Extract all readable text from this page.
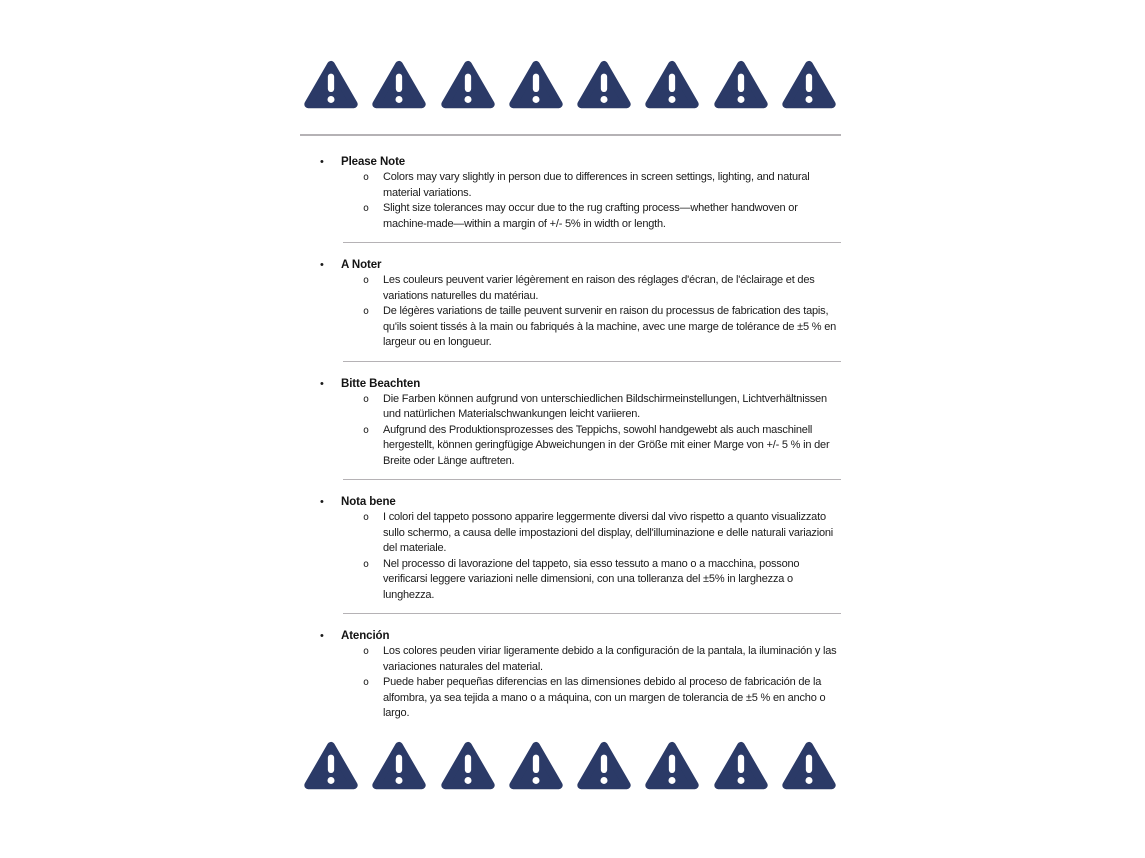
•	Please Note
o	Colors may vary slightly in person due to differences in screen settings, lighting, and natural material variations.

o	Slight size tolerances may occur due to the rug crafting process—whether handwoven or machine-made—within a margin of +/- 5% in width or length.

•	A Noter
o	Les couleurs peuvent varier légèrement en raison des réglages d'écran, de l'éclairage et des variations naturelles du matériau.

o	De légères variations de taille peuvent survenir en raison du processus de fabrication des tapis, qu'ils soient tissés à la main ou fabriqués à la machine, avec une marge de tolérance de ±5 % en largeur ou en longueur.

•	Bitte Beachten
o	Die Farben können aufgrund von unterschiedlichen Bildschirmeinstellungen, Lichtverhältnissen und natürlichen Materialschwankungen leicht variieren.

o	Aufgrund des Produktionsprozesses des Teppichs, sowohl handgewebt als auch maschinell hergestellt, können geringfügige Abweichungen in der Größe mit einer Marge von +/- 5 % in der Breite oder Länge auftreten.

•	Nota bene
o	I colori del tappeto possono apparire leggermente diversi dal vivo rispetto a quanto visualizzato sullo schermo, a causa delle impostazioni del display, dell'illuminazione e delle naturali variazioni del materiale.

o	Nel processo di lavorazione del tappeto, sia esso tessuto a mano o a macchina, possono verificarsi leggere variazioni nelle dimensioni, con una tolleranza del ±5% in larghezza o lunghezza.

•	Atención
o	Los colores peuden viriar ligeramente debido a la configuración de la pantala, la iluminación y las variaciones naturales del material.

o	Puede haber pequeñas diferencias en las dimensiones debido al proceso de fabricación de la alfombra, ya sea tejida a mano o a máquina, con un margen de tolerancia de ±5 % en ancho o largo.
